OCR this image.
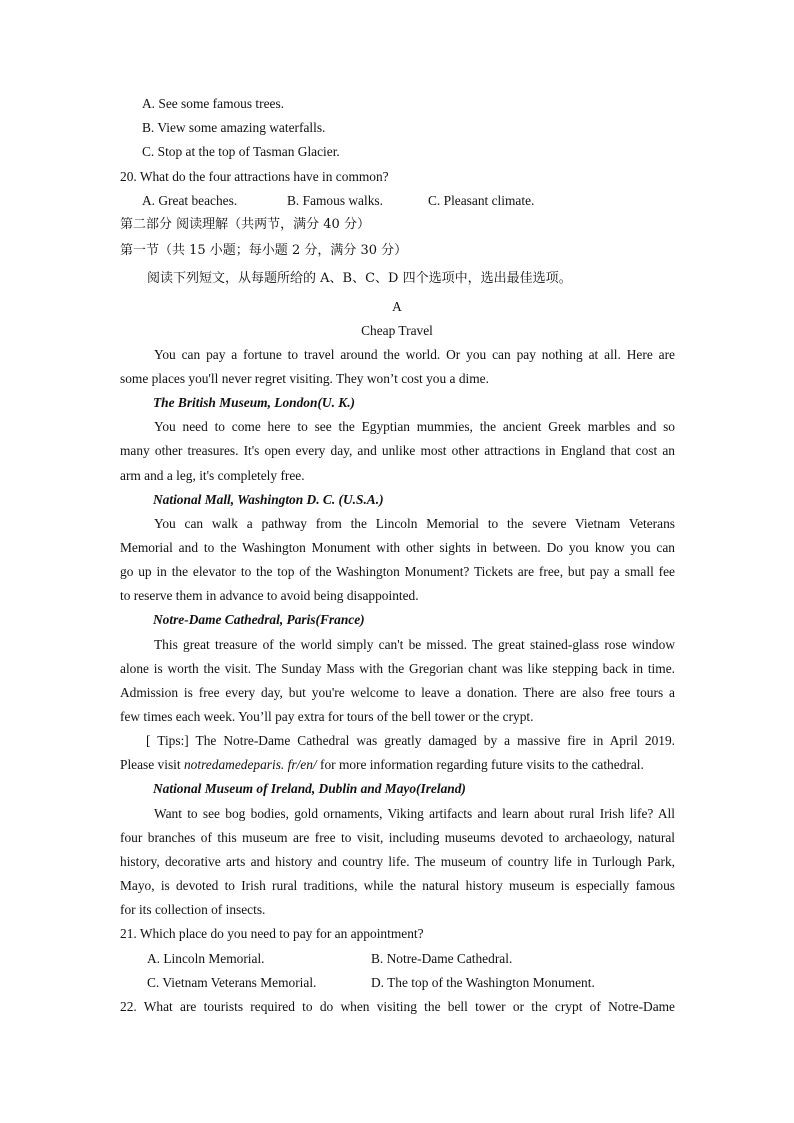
A. See some famous trees.
B. View some amazing waterfalls.
C. Stop at the top of Tasman Glacier.
20. What do the four attractions have in common?
A. Great beaches.	B. Famous walks.	C. Pleasant climate.
第二部分 阅读理解（共两节，满分 40 分）
第一节（共 15 小题；每小题 2 分，满分 30 分）
阅读下列短文，从每题所给的 A、B、C、D 四个选项中，选出最佳选项。
A
Cheap Travel
You can pay a fortune to travel around the world. Or you can pay nothing at all. Here are
some places you'll never regret visiting. They won’t cost you a dime.
The British Museum, London(U. K.)
You need to come here to see the Egyptian mummies, the ancient Greek marbles and so
many other treasures. It's open every day, and unlike most other attractions in England that cost an
arm and a leg, it's completely free.
National Mall, Washington D. C. (U.S.A.)
You can walk a pathway from the Lincoln Memorial to the severe Vietnam Veterans
Memorial and to the Washington Monument with other sights in between. Do you know you can
go up in the elevator to the top of the Washington Monument? Tickets are free, but pay a small fee
to reserve them in advance to avoid being disappointed.
Notre-Dame Cathedral, Paris(France)
This great treasure of the world simply can't be missed. The great stained-glass rose window
alone is worth the visit. The Sunday Mass with the Gregorian chant was like stepping back in time.
Admission is free every day, but you're welcome to leave a donation. There are also free tours a
few times each week. You’ll pay extra for tours of the bell tower or the crypt.
[ Tips:] The Notre-Dame Cathedral was greatly damaged by a massive fire in April 2019.
Please visit notredamedeparis. fr/en/ for more information regarding future visits to the cathedral.
National Museum of Ireland, Dublin and Mayo(Ireland)
Want to see bog bodies, gold ornaments, Viking artifacts and learn about rural Irish life? All
four branches of this museum are free to visit, including museums devoted to archaeology, natural
history, decorative arts and history and country life. The museum of country life in Turlough Park,
Mayo, is devoted to Irish rural traditions, while the natural history museum is especially famous
for its collection of insects.
21. Which place do you need to pay for an appointment?
A. Lincoln Memorial.	B. Notre-Dame Cathedral.
C. Vietnam Veterans Memorial.	D. The top of the Washington Monument.
22. What are tourists required to do when visiting the bell tower or the crypt of Notre-Dame
